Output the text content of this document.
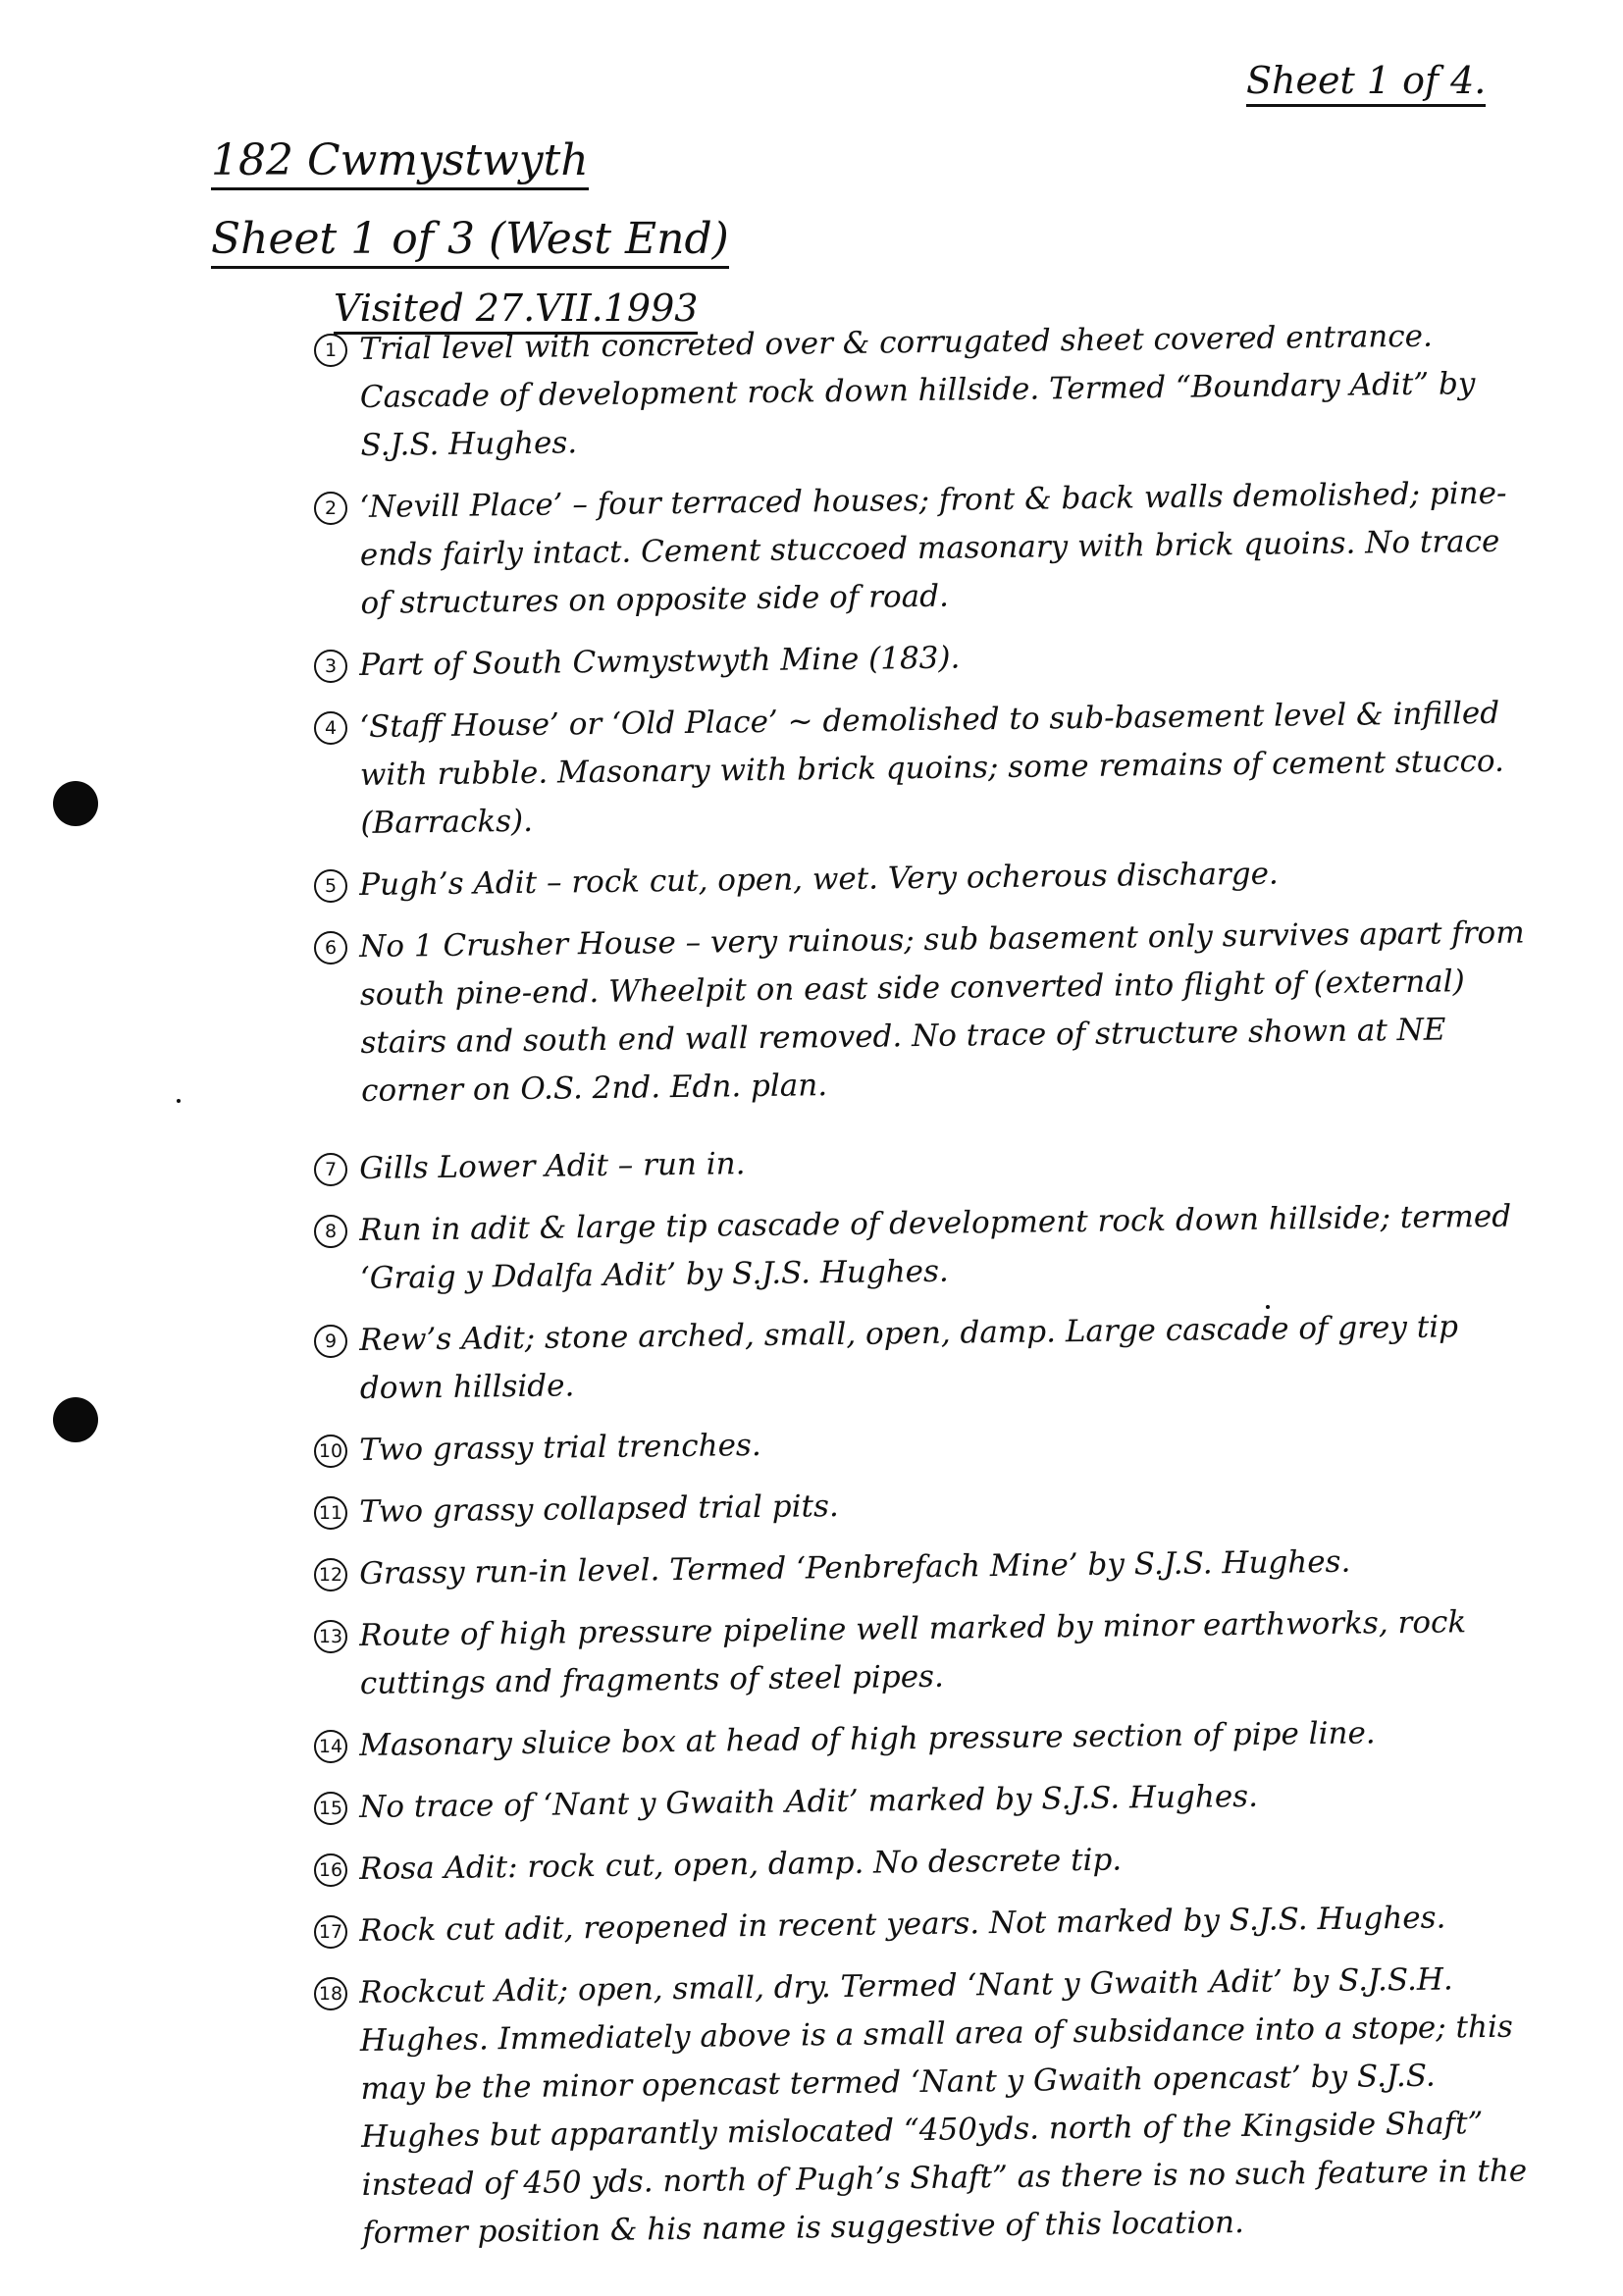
Sheet 1 of 4.
182 Cwmystwyth
Sheet 1 of 3 (West End)
Visited 27.VII.1993
1 Trial level with concreted over & corrugated sheet covered entrance. Cascade of development rock down hillside. Termed “Boundary Adit” by S.J.S. Hughes.
2 ‘Nevill Place’ – four terraced houses; front & back walls demolished; pine-ends fairly intact. Cement stuccoed masonary with brick quoins. No trace of structures on opposite side of road.
3 Part of South Cwmystwyth Mine (183).
4 ‘Staff House’ or ‘Old Place’ ~ demolished to sub-basement level & infilled with rubble. Masonary with brick quoins; some remains of cement stucco. (Barracks).
5 Pugh’s Adit – rock cut, open, wet. Very ocherous discharge.
6 No 1 Crusher House – very ruinous; sub basement only survives apart from south pine-end. Wheelpit on east side converted into flight of (external) stairs and south end wall removed. No trace of structure shown at NE corner on O.S. 2nd. Edn. plan.
7 Gills Lower Adit – run in.
8 Run in adit & large tip cascade of development rock down hillside; termed ‘Graig y Ddalfa Adit’ by S.J.S. Hughes.
9 Rew’s Adit; stone arched, small, open, damp. Large cascade of grey tip down hillside.
10 Two grassy trial trenches.
11 Two grassy collapsed trial pits.
12 Grassy run-in level. Termed ‘Penbrefach Mine’ by S.J.S. Hughes.
13 Route of high pressure pipeline well marked by minor earthworks, rock cuttings and fragments of steel pipes.
14 Masonary sluice box at head of high pressure section of pipe line.
15 No trace of ‘Nant y Gwaith Adit’ marked by S.J.S. Hughes.
16 Rosa Adit: rock cut, open, damp. No descrete tip.
17 Rock cut adit, reopened in recent years. Not marked by S.J.S. Hughes.
18 Rockcut Adit; open, small, dry. Termed ‘Nant y Gwaith Adit’ by S.J.S.H. Hughes. Immediately above is a small area of subsidance into a stope; this may be the minor opencast termed ‘Nant y Gwaith opencast’ by S.J.S. Hughes but apparantly mislocated “450yds. north of the Kingside Shaft” instead of 450 yds. north of Pugh’s Shaft” as there is no such feature in the former position & his name is suggestive of this location.
